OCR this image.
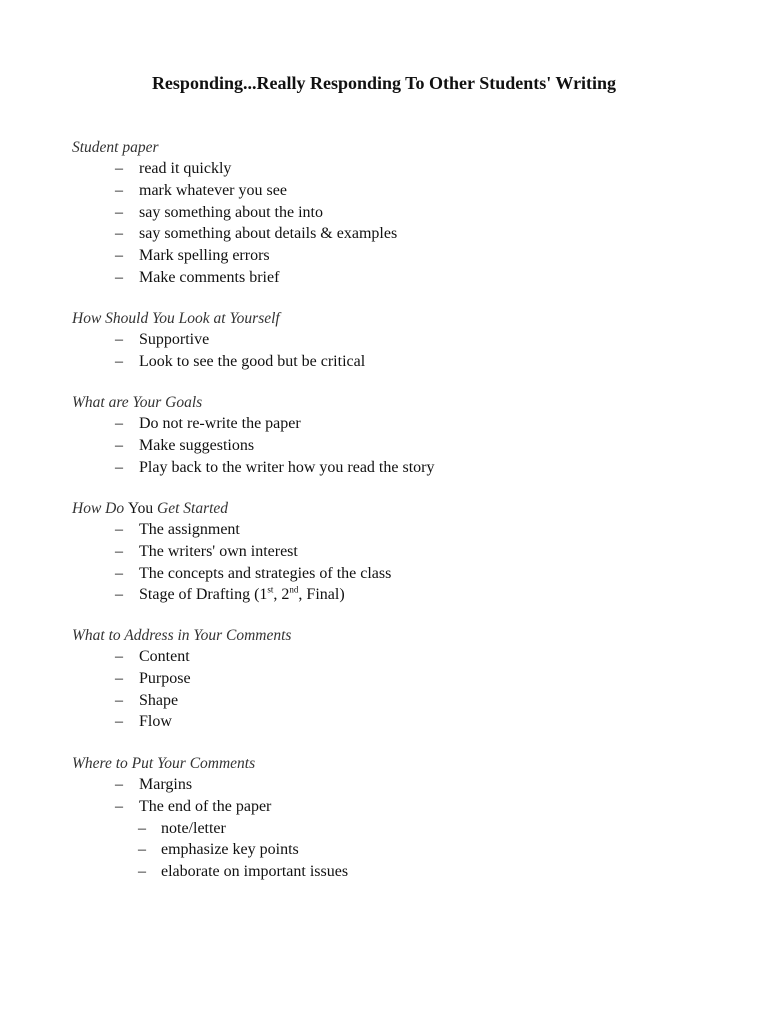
Responding...Really Responding To Other Students' Writing
Student paper
– read it quickly
– mark whatever you see
– say something about the into
– say something about details & examples
– Mark spelling errors
– Make comments brief
How Should You Look at Yourself
– Supportive
– Look to see the good but be critical
What are Your Goals
– Do not re-write the paper
– Make suggestions
– Play back to the writer how you read the story
How Do You Get Started
– The assignment
– The writers' own interest
– The concepts and strategies of the class
– Stage of Drafting (1st, 2nd, Final)
What to Address in Your Comments
– Content
– Purpose
– Shape
– Flow
Where to Put Your Comments
– Margins
– The end of the paper
– note/letter
– emphasize key points
– elaborate on important issues
